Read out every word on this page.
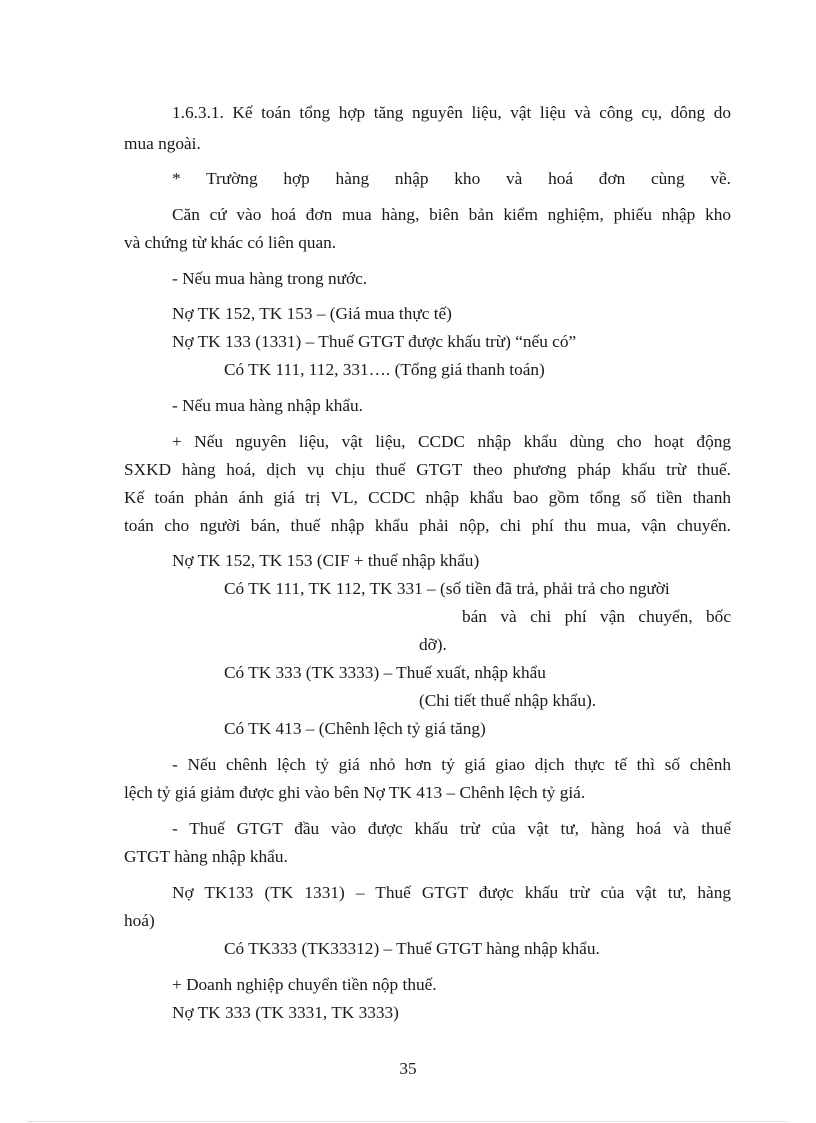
1.6.3.1. Kế toán tổng hợp tăng nguyên liệu, vật liệu và công cụ, dông do
mua ngoài.
* Trường hợp hàng nhập kho và hoá đơn cùng về.
Căn cứ vào hoá đơn mua hàng, biên bản kiểm nghiệm, phiếu nhập kho
và chứng từ khác có liên quan.
- Nếu mua hàng trong nước.
Nợ TK 152, TK 153 – (Giá mua thực tế)
Nợ TK 133 (1331) – Thuế GTGT được khấu trừ) “nếu có”
Có TK 111, 112, 331…. (Tổng giá thanh toán)
- Nếu mua hàng nhập khẩu.
+ Nếu nguyên liệu, vật liệu, CCDC nhập khẩu dùng cho hoạt động
SXKD hàng hoá, dịch vụ chịu thuế GTGT theo phương pháp khấu trừ thuế.
Kế toán phản ánh giá trị VL, CCDC nhập khẩu bao gồm tổng số tiền thanh
toán cho người bán, thuế nhập khẩu phải nộp, chi phí thu mua, vận chuyển.
Nợ TK 152, TK 153 (CIF + thuế nhập khẩu)
Có TK 111, TK 112, TK 331 – (số tiền đã trả, phải trả cho người
bán và chi phí vận chuyển, bốc
dỡ).
Có TK 333 (TK 3333) – Thuế xuất, nhập khẩu
(Chi tiết thuế nhập khẩu).
Có TK 413 – (Chênh lệch tỷ giá tăng)
- Nếu chênh lệch tỷ giá nhỏ hơn tỷ giá giao dịch thực tế thì số chênh
lệch tỷ giá giảm được ghi vào bên Nợ TK 413 – Chênh lệch tỷ giá.
- Thuế GTGT đầu vào được khấu trừ của vật tư, hàng hoá và thuế
GTGT hàng nhập khẩu.
Nợ TK133 (TK 1331) – Thuế GTGT được khấu trừ của vật tư, hàng
hoá)
Có TK333 (TK33312) – Thuế GTGT hàng nhập khẩu.
+ Doanh nghiệp chuyển tiền nộp thuế.
Nợ TK 333 (TK 3331, TK 3333)
35
